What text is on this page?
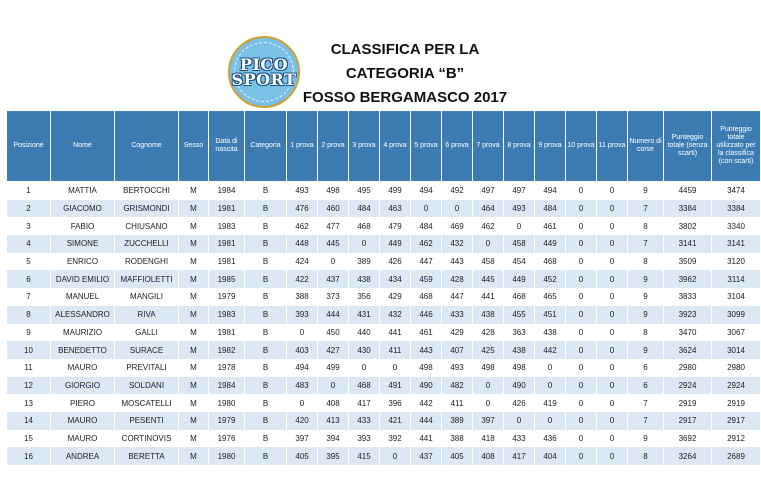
PICO
SPORT
CLASSIFICA PER LA
CATEGORIA “B”
FOSSO BERGAMASCO 2017
Posizione	Nome	Cognome	Sesso	Data di nascita	Categoria	1 prova	2 prova	3 prova	4 prova	5 prova	6 prova	7 prova	8 prova	9 prova	10 prova	11 prova	Numero di corse	Punteggio totale (senza scarti)	Punteggio totale utilizzato per la classifica (con scarti)
1	MATTIA	BERTOCCHI	M	1984	B	493	498	495	499	494	492	497	497	494	0	0	9	4459	3474
2	GIACOMO	GRISMONDI	M	1981	B	476	460	484	463	0	0	464	493	484	0	0	7	3384	3384
3	FABIO	CHIUSANO	M	1983	B	462	477	468	479	484	469	462	0	461	0	0	8	3802	3340
4	SIMONE	ZUCCHELLI	M	1981	B	448	445	0	449	462	432	0	458	449	0	0	7	3141	3141
5	ENRICO	RODENGHI	M	1981	B	424	0	389	426	447	443	458	454	468	0	0	8	3509	3120
6	DAVID EMILIO	MAFFIOLETTI	M	1985	B	422	437	438	434	459	428	445	449	452	0	0	9	3962	3114
7	MANUEL	MANGILI	M	1979	B	388	373	356	429	468	447	441	468	465	0	0	9	3833	3104
8	ALESSANDRO	RIVA	M	1983	B	393	444	431	432	446	433	438	455	451	0	0	9	3923	3099
9	MAURIZIO	GALLI	M	1981	B	0	450	440	441	461	429	428	363	438	0	0	8	3470	3067
10	BENEDETTO	SURACE	M	1982	B	403	427	430	411	443	407	425	438	442	0	0	9	3624	3014
11	MAURO	PREVITALI	M	1978	B	494	499	0	0	498	493	498	498	0	0	0	6	2980	2980
12	GIORGIO	SOLDANI	M	1984	B	483	0	468	491	490	482	0	490	0	0	0	6	2924	2924
13	PIERO	MOSCATELLI	M	1980	B	0	408	417	396	442	411	0	426	419	0	0	7	2919	2919
14	MAURO	PESENTI	M	1979	B	420	413	433	421	444	389	397	0	0	0	0	7	2917	2917
15	MAURO	CORTINOVIS	M	1976	B	397	394	393	392	441	388	418	433	436	0	0	9	3692	2912
16	ANDREA	BERETTA	M	1980	B	405	395	415	0	437	405	408	417	404	0	0	8	3264	2689
